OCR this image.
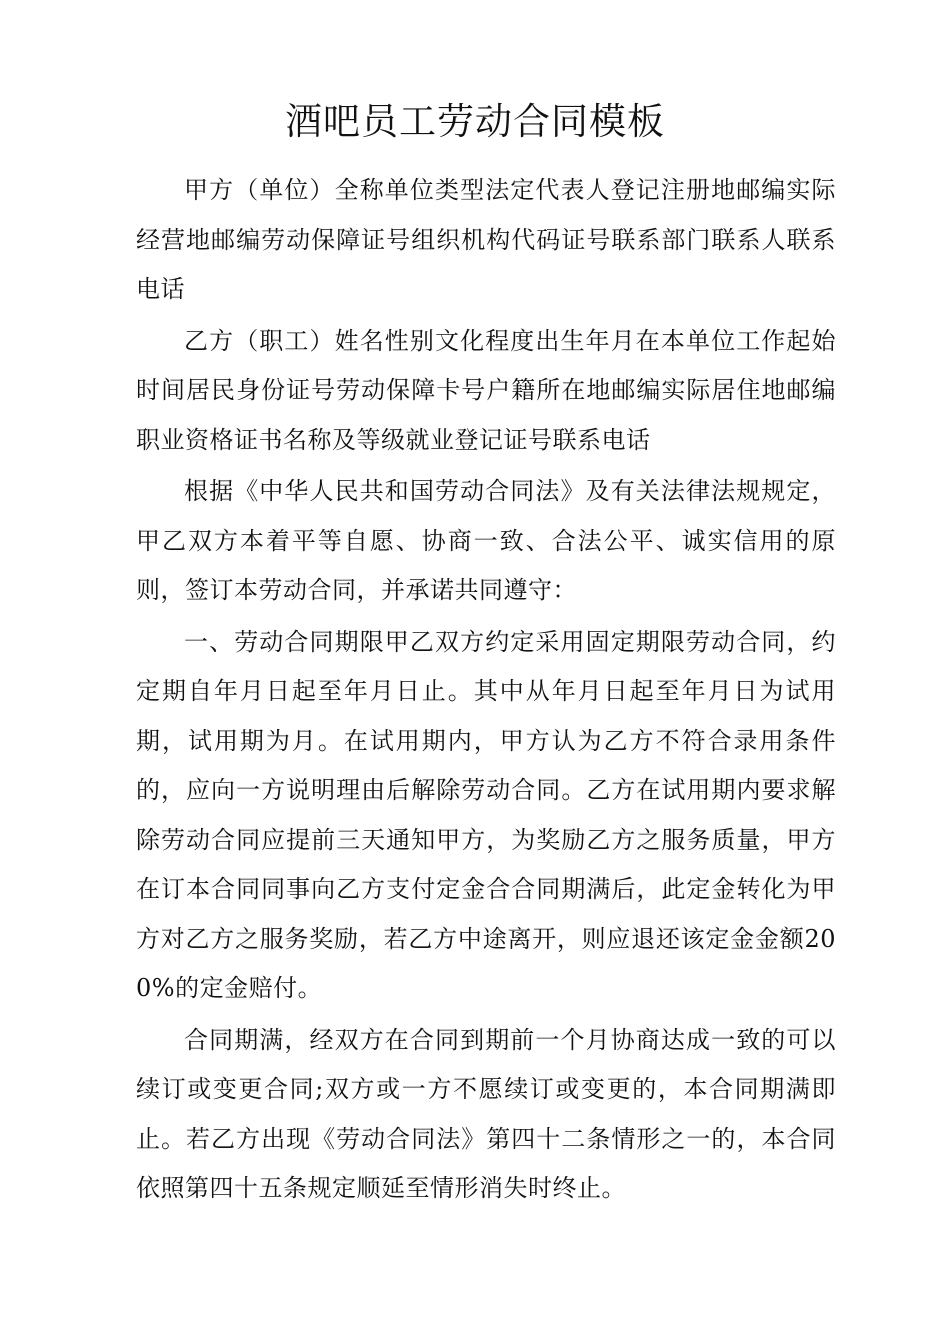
酒吧员工劳动合同模板

甲方（单位）全称单位类型法定代表人登记注册地邮编实际经营地邮编劳动保障证号组织机构代码证号联系部门联系人联系电话

乙方（职工）姓名性别文化程度出生年月在本单位工作起始时间居民身份证号劳动保障卡号户籍所在地邮编实际居住地邮编职业资格证书名称及等级就业登记证号联系电话

根据《中华人民共和国劳动合同法》及有关法律法规规定，甲乙双方本着平等自愿、协商一致、合法公平、诚实信用的原则，签订本劳动合同，并承诺共同遵守：

一、劳动合同期限甲乙双方约定采用固定期限劳动合同，约定期自年月日起至年月日止。其中从年月日起至年月日为试用期，试用期为月。在试用期内，甲方认为乙方不符合录用条件的，应向一方说明理由后解除劳动合同。乙方在试用期内要求解除劳动合同应提前三天通知甲方，为奖励乙方之服务质量，甲方在订本合同同事向乙方支付定金合合同期满后，此定金转化为甲方对乙方之服务奖励，若乙方中途离开，则应退还该定金金额200%的定金赔付。

合同期满，经双方在合同到期前一个月协商达成一致的可以续订或变更合同;双方或一方不愿续订或变更的，本合同期满即止。若乙方出现《劳动合同法》第四十二条情形之一的，本合同依照第四十五条规定顺延至情形消失时终止。
